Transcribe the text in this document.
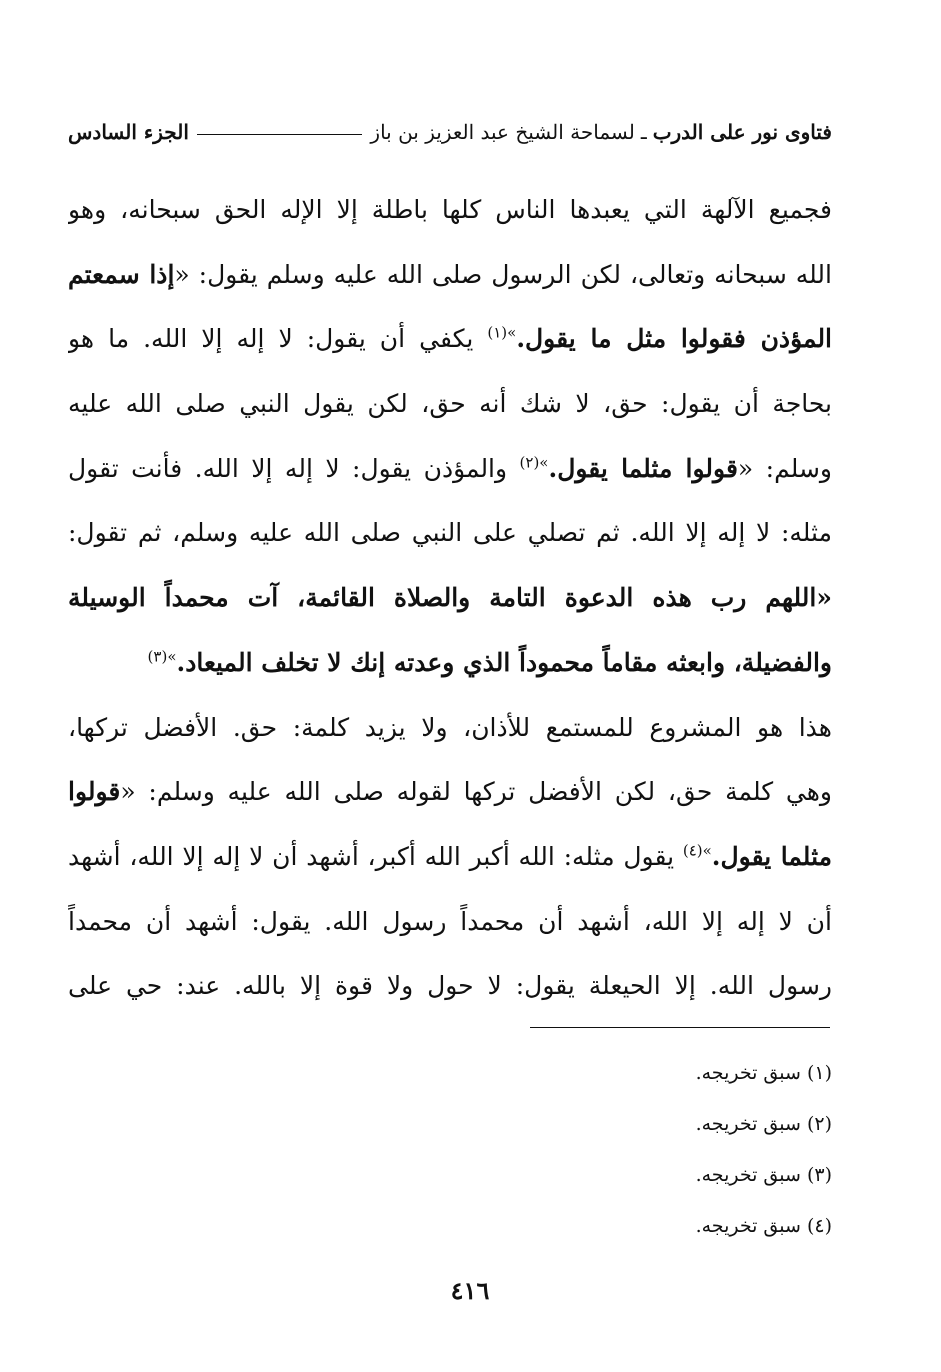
فتاوى نور على الدرب
ـ
لسماحة الشيخ عبد العزيز بن باز
الجزء السادس
فجميع الآلهة التي يعبدها الناس كلها باطلة إلا الإله الحق سبحانه، وهو
الله سبحانه وتعالى، لكن الرسول صلى الله عليه وسلم يقول: «إذا سمعتم
المؤذن فقولوا مثل ما يقول.$^{»(١)}$ يكفي أن يقول: لا إله إلا الله. ما هو
بحاجة أن يقول: حق، لا شك أنه حق، لكن يقول النبي صلى الله عليه
وسلم: «قولوا مثلما يقول.$^{»(٢)}$ والمؤذن يقول: لا إله إلا الله. فأنت تقول
مثله: لا إله إلا الله. ثم تصلي على النبي صلى الله عليه وسلم، ثم تقول:
«اللهم رب هذه الدعوة التامة والصلاة القائمة، آت محمداً الوسيلة
والفضيلة، وابعثه مقاماً محموداً الذي وعدته إنك لا تخلف الميعاد.$^{»(٣)}$
هذا هو المشروع للمستمع للأذان، ولا يزيد كلمة: حق. الأفضل تركها،
وهي كلمة حق، لكن الأفضل تركها لقوله صلى الله عليه وسلم: «قولوا
مثلما يقول.$^{»(٤)}$ يقول مثله: الله أكبر الله أكبر، أشهد أن لا إله إلا الله، أشهد
أن لا إله إلا الله، أشهد أن محمداً رسول الله. يقول: أشهد أن محمداً
رسول الله. إلا الحيعلة يقول: لا حول ولا قوة إلا بالله. عند: حي على
(١)سبق تخريجه.
(٢)سبق تخريجه.
(٣)سبق تخريجه.
(٤)سبق تخريجه.
٤١٦
